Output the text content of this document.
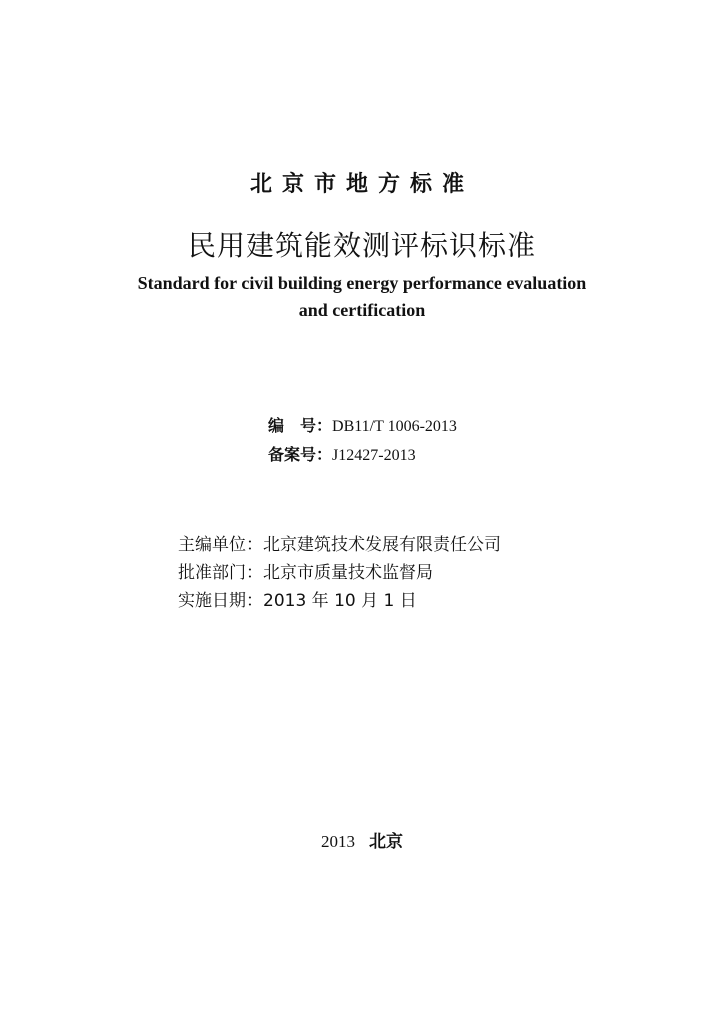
北京市地方标准
民用建筑能效测评标识标准
Standard for civil building energy performance evaluation
and certification
编　号：DB11/T 1006-2013
备案号：J12427-2013
主编单位：北京建筑技术发展有限责任公司
批准部门：北京市质量技术监督局
实施日期：2013 年 10 月 1 日
2013 北京
